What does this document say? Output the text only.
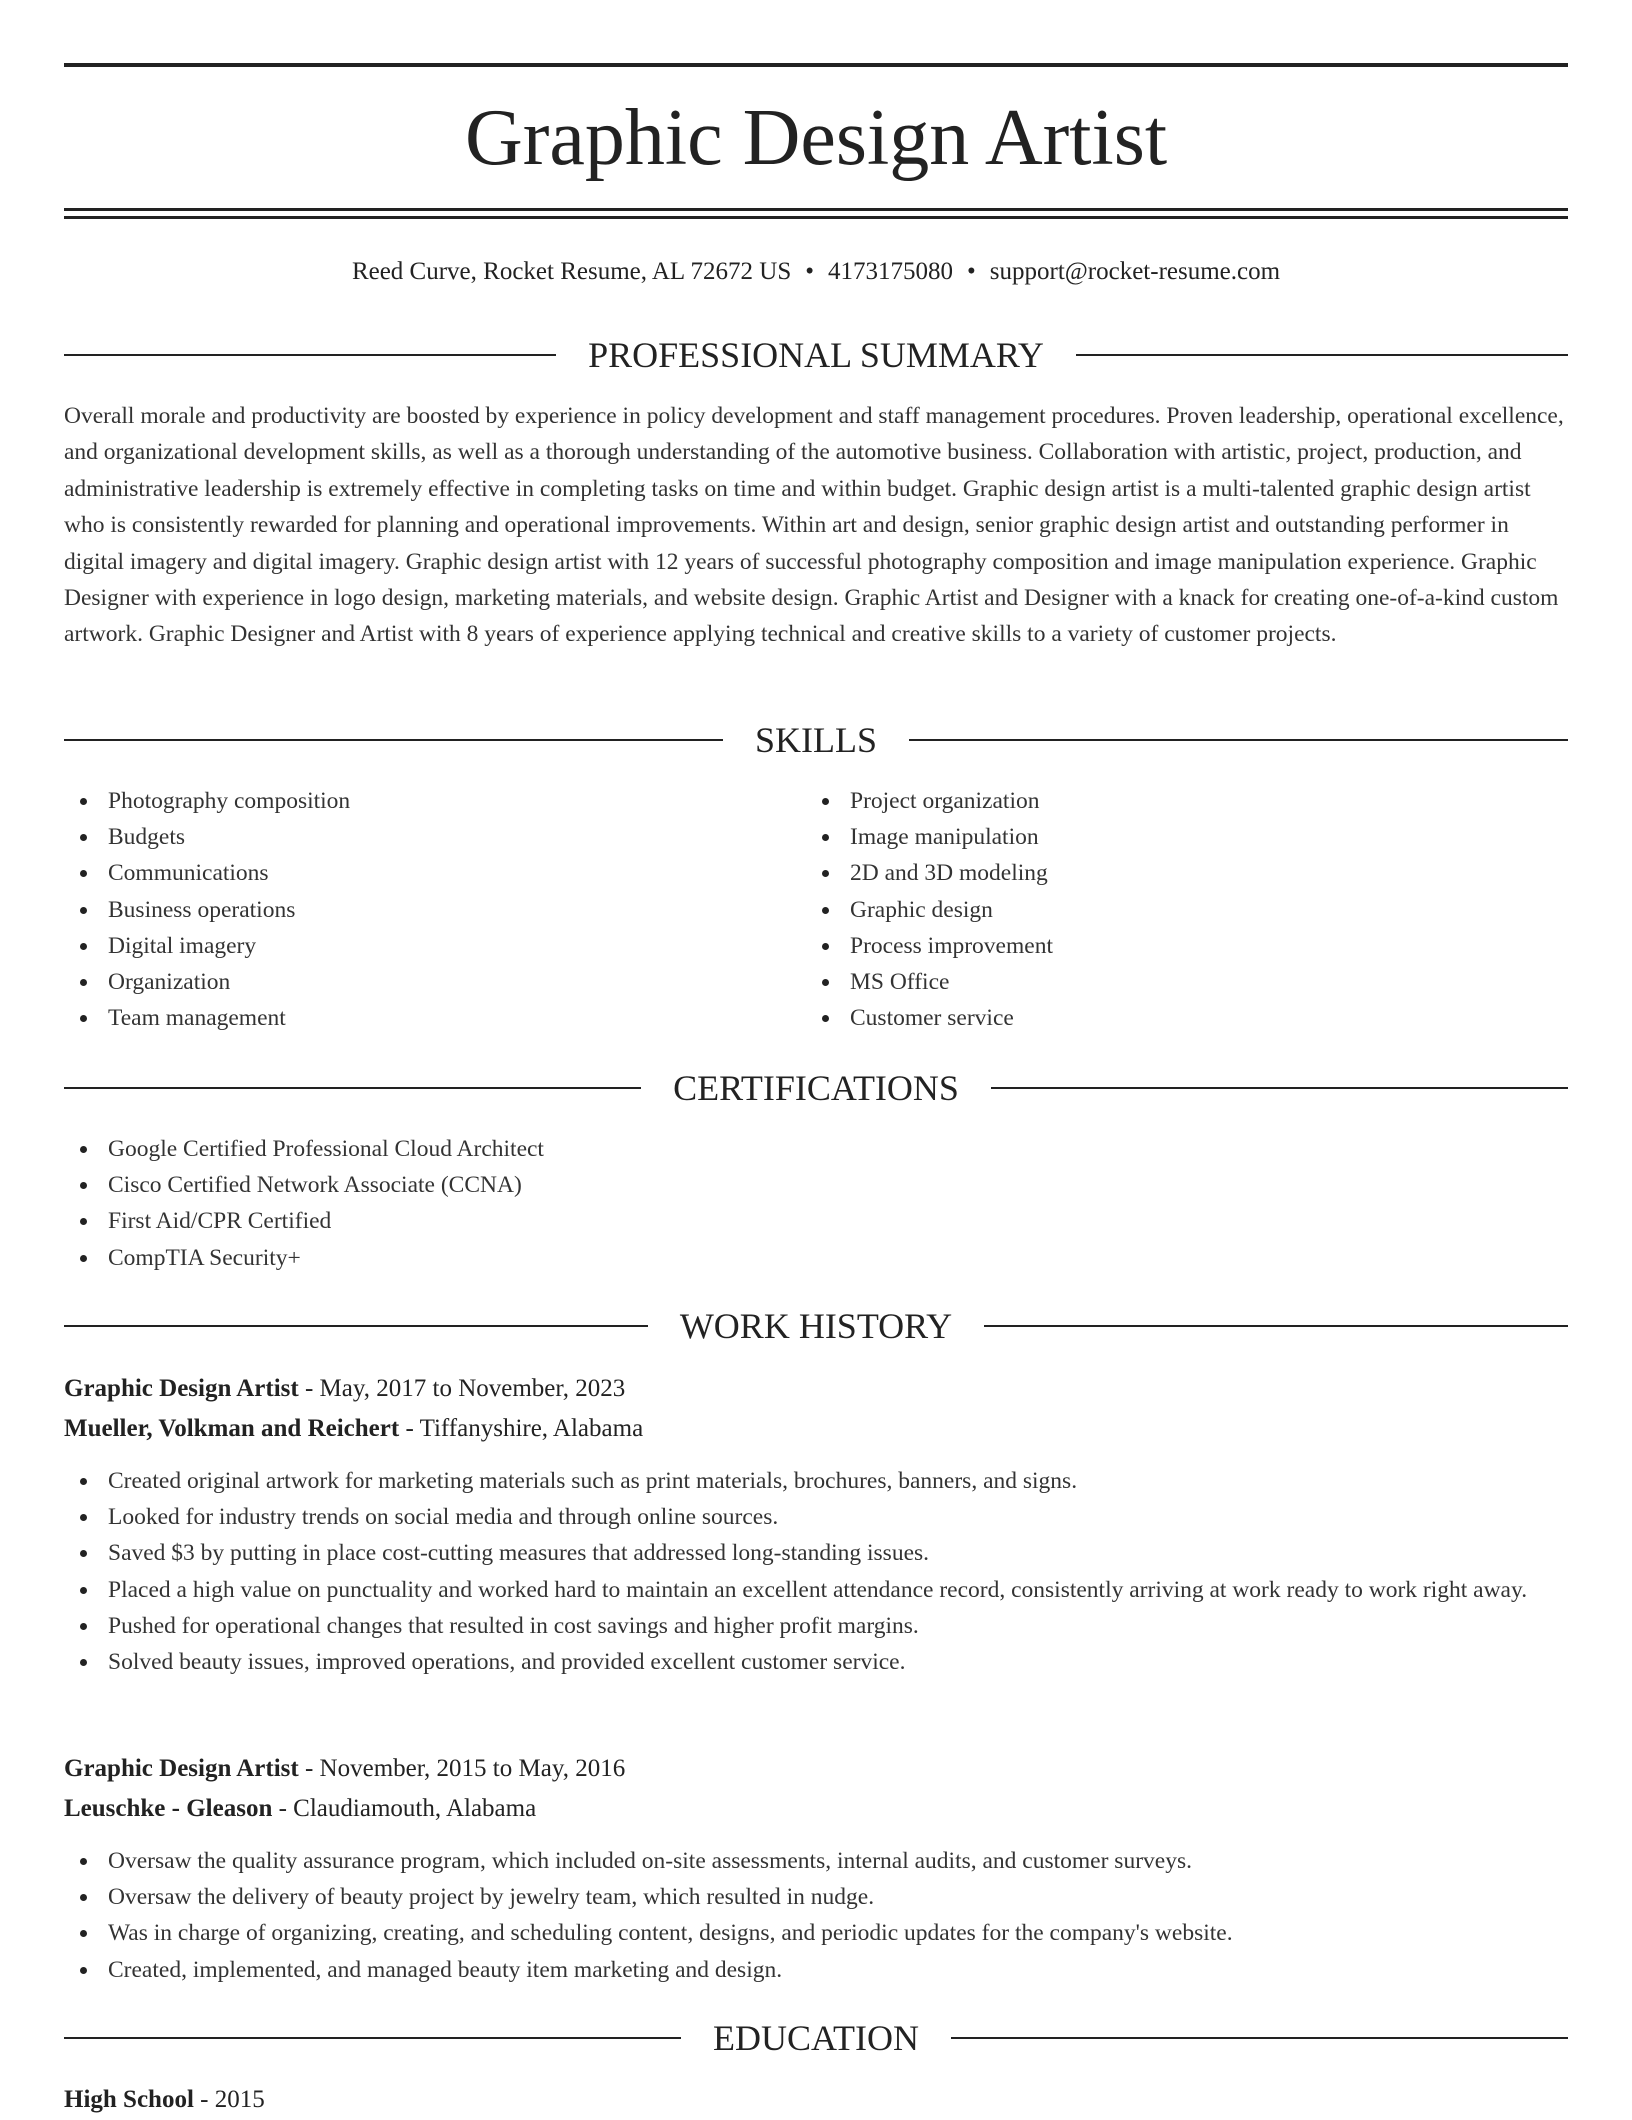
Graphic Design Artist
Reed Curve, Rocket Resume, AL 72672 US • 4173175080 • support@rocket-resume.com
PROFESSIONAL SUMMARY

Overall morale and productivity are boosted by experience in policy development and staff management procedures. Proven leadership, operational excellence, and organizational development skills, as well as a thorough understanding of the automotive business. Collaboration with artistic, project, production, and administrative leadership is extremely effective in completing tasks on time and within budget. Graphic design artist is a multi-talented graphic design artist who is consistently rewarded for planning and operational improvements. Within art and design, senior graphic design artist and outstanding performer in digital imagery and digital imagery. Graphic design artist with 12 years of successful photography composition and image manipulation experience. Graphic Designer with experience in logo design, marketing materials, and website design. Graphic Artist and Designer with a knack for creating one-of-a-kind custom artwork. Graphic Designer and Artist with 8 years of experience applying technical and creative skills to a variety of customer projects.

SKILLS
Photography composition
Budgets
Communications
Business operations
Digital imagery
Organization
Team management
Project organization
Image manipulation
2D and 3D modeling
Graphic design
Process improvement
MS Office
Customer service
CERTIFICATIONS
Google Certified Professional Cloud Architect
Cisco Certified Network Associate (CCNA)
First Aid/CPR Certified
CompTIA Security+
WORK HISTORY
Graphic Design Artist - May, 2017 to November, 2023
Mueller, Volkman and Reichert - Tiffanyshire, Alabama
Created original artwork for marketing materials such as print materials, brochures, banners, and signs.
Looked for industry trends on social media and through online sources.
Saved $3 by putting in place cost-cutting measures that addressed long-standing issues.
Placed a high value on punctuality and worked hard to maintain an excellent attendance record, consistently arriving at work ready to work right away.
Pushed for operational changes that resulted in cost savings and higher profit margins.
Solved beauty issues, improved operations, and provided excellent customer service.
Graphic Design Artist - November, 2015 to May, 2016
Leuschke - Gleason - Claudiamouth, Alabama
Oversaw the quality assurance program, which included on-site assessments, internal audits, and customer surveys.
Oversaw the delivery of beauty project by jewelry team, which resulted in nudge.
Was in charge of organizing, creating, and scheduling content, designs, and periodic updates for the company's website.
Created, implemented, and managed beauty item marketing and design.
EDUCATION
High School - 2015
